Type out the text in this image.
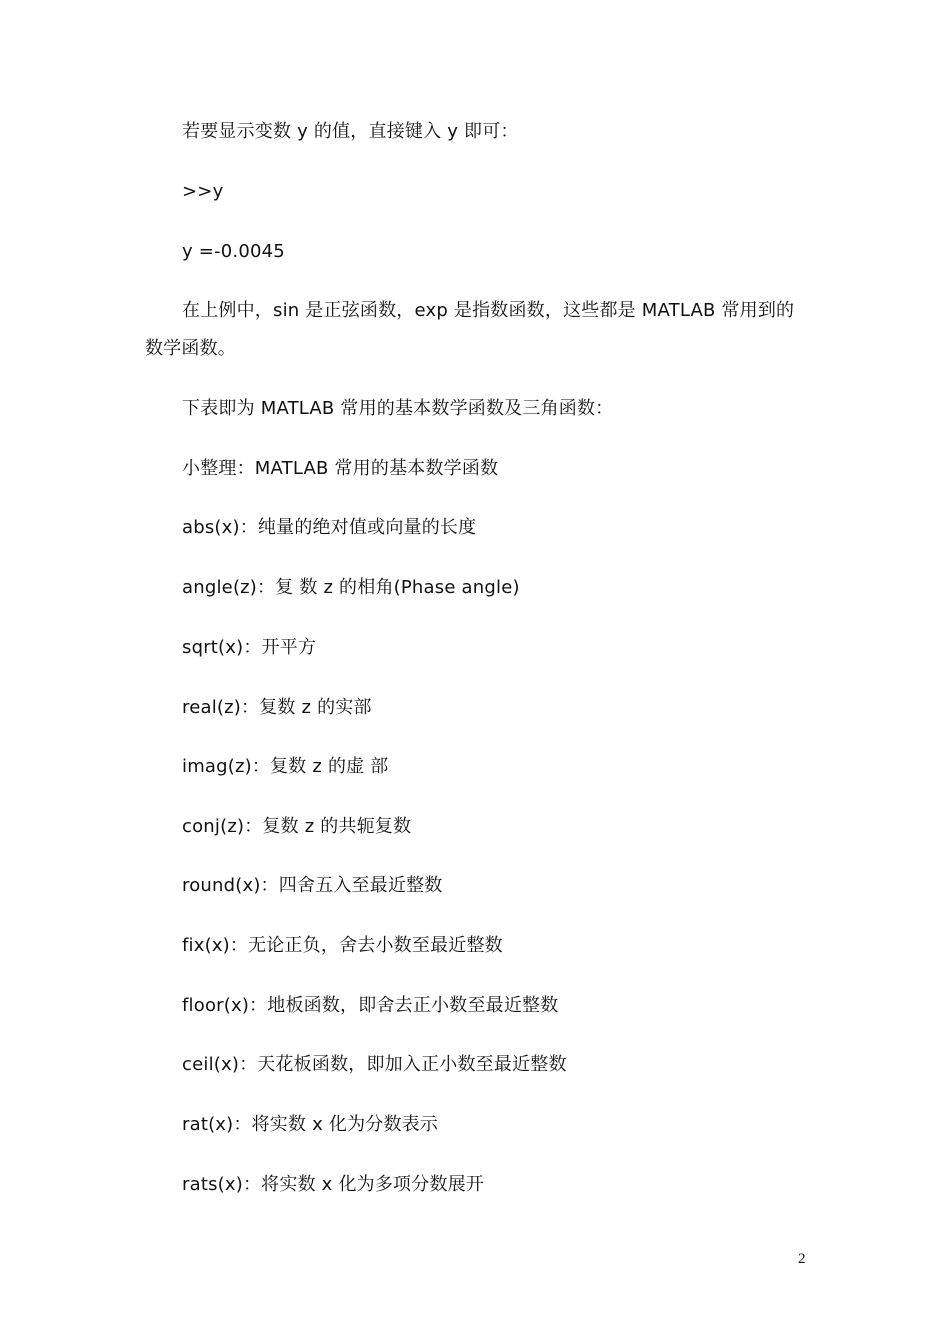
若要显示变数 y 的值，直接键入 y 即可：
>>y
y =-0.0045
在上例中，sin 是正弦函数，exp 是指数函数，这些都是 MATLAB 常用到的数学函数。
下表即为 MATLAB 常用的基本数学函数及三角函数：
小整理：MATLAB 常用的基本数学函数
abs(x)：纯量的绝对值或向量的长度
angle(z)：复 数 z 的相角(Phase angle)
sqrt(x)：开平方
real(z)：复数 z 的实部
imag(z)：复数 z 的虚 部
conj(z)：复数 z 的共轭复数
round(x)：四舍五入至最近整数
fix(x)：无论正负，舍去小数至最近整数
floor(x)：地板函数，即舍去正小数至最近整数
ceil(x)：天花板函数，即加入正小数至最近整数
rat(x)：将实数 x 化为分数表示
rats(x)：将实数 x 化为多项分数展开
2
